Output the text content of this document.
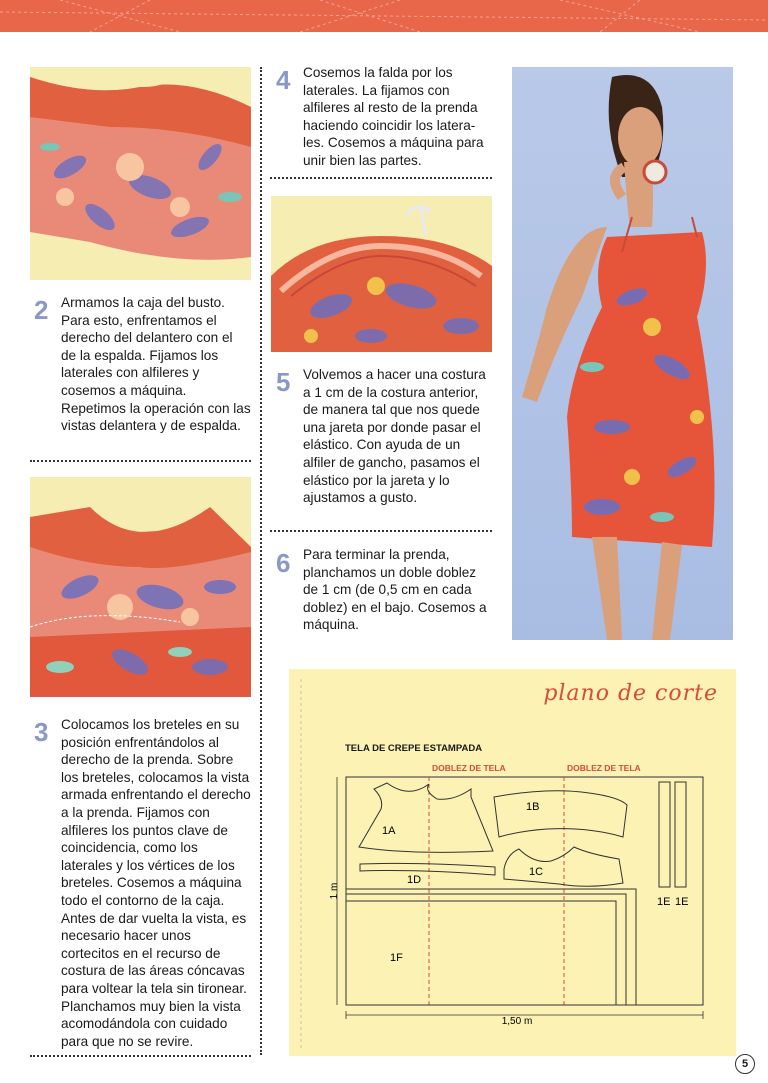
2 Armamos la caja del busto. Para esto, enfrentamos el derecho del delantero con el de la espalda. Fijamos los laterales con alfileres y cosemos a máquina. Repetimos la operación con las vistas delantera y de espalda.
3 Colocamos los breteles en su posición enfrentándolos al derecho de la prenda. Sobre los breteles, colocamos la vista armada enfrentando el derecho a la prenda. Fijamos con alfileres los puntos clave de coincidencia, como los laterales y los vértices de los breteles. Cosemos a máquina todo el contorno de la caja. Antes de dar vuelta la vista, es necesario hacer unos cortecitos en el recurso de costura de las áreas cóncavas para voltear la tela sin tironear. Planchamos muy bien la vista acomodándola con cuidado para que no se revire.
4 Cosemos la falda por los laterales. La fijamos con alfileres al resto de la prenda haciendo coincidir los latera-les. Cosemos a máquina para unir bien las partes.
5 Volvemos a hacer una costura a 1 cm de la costura anterior, de manera tal que nos quede una jareta por donde pasar el elástico. Con ayuda de un alfiler de gancho, pasamos el elástico por la jareta y lo ajustamos a gusto.
6 Para terminar la prenda, planchamos un doble doblez de 1 cm (de 0,5 cm en cada doblez) en el bajo. Cosemos a máquina.
plano de corte
TELA DE CREPE ESTAMPADA
DOBLEZ DE TELA	DOBLEZ DE TELA
1A
1B
1C
1D
1E 1E
1F
1 m
1,50 m
5
